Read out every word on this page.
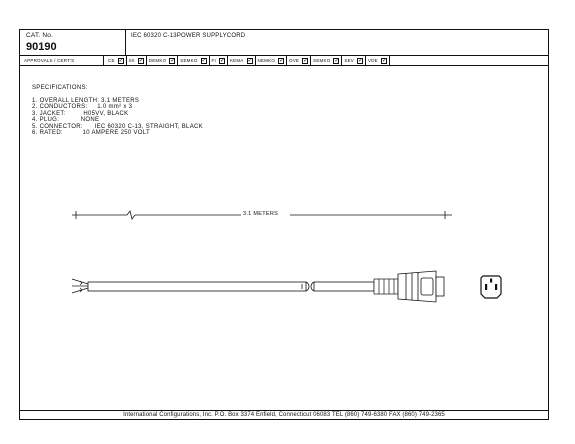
CAT. No.
90190
IEC 60320 C-13POWER SUPPLYCORD
APPROVALS / CERT'S	CE ✓ SII ✓ DEMKO ✓ SEMKO ✓ FI ✓ KEMA ✓ NEMKO ✓ OVE ✓ SEMKO ✓ SEV ✓ VDE ✓
SPECIFICATIONS:
1. OVERALL LENGTH: 3.1 METERS
2. CONDUCTORS:     1.0 mm² x 3
3. JACKET:         H05VV, BLACK
4. PLUG:           NONE
5. CONNECTOR:      IEC 60320 C-13, STRAIGHT, BLACK
6. RATED:          10 AMPERE 250 VOLT
3.1 METERS
International Configurations, Inc. P.O. Box 3374 Enfield, Connecticut 06083 TEL (860) 749-6380 FAX (860) 749-2365
